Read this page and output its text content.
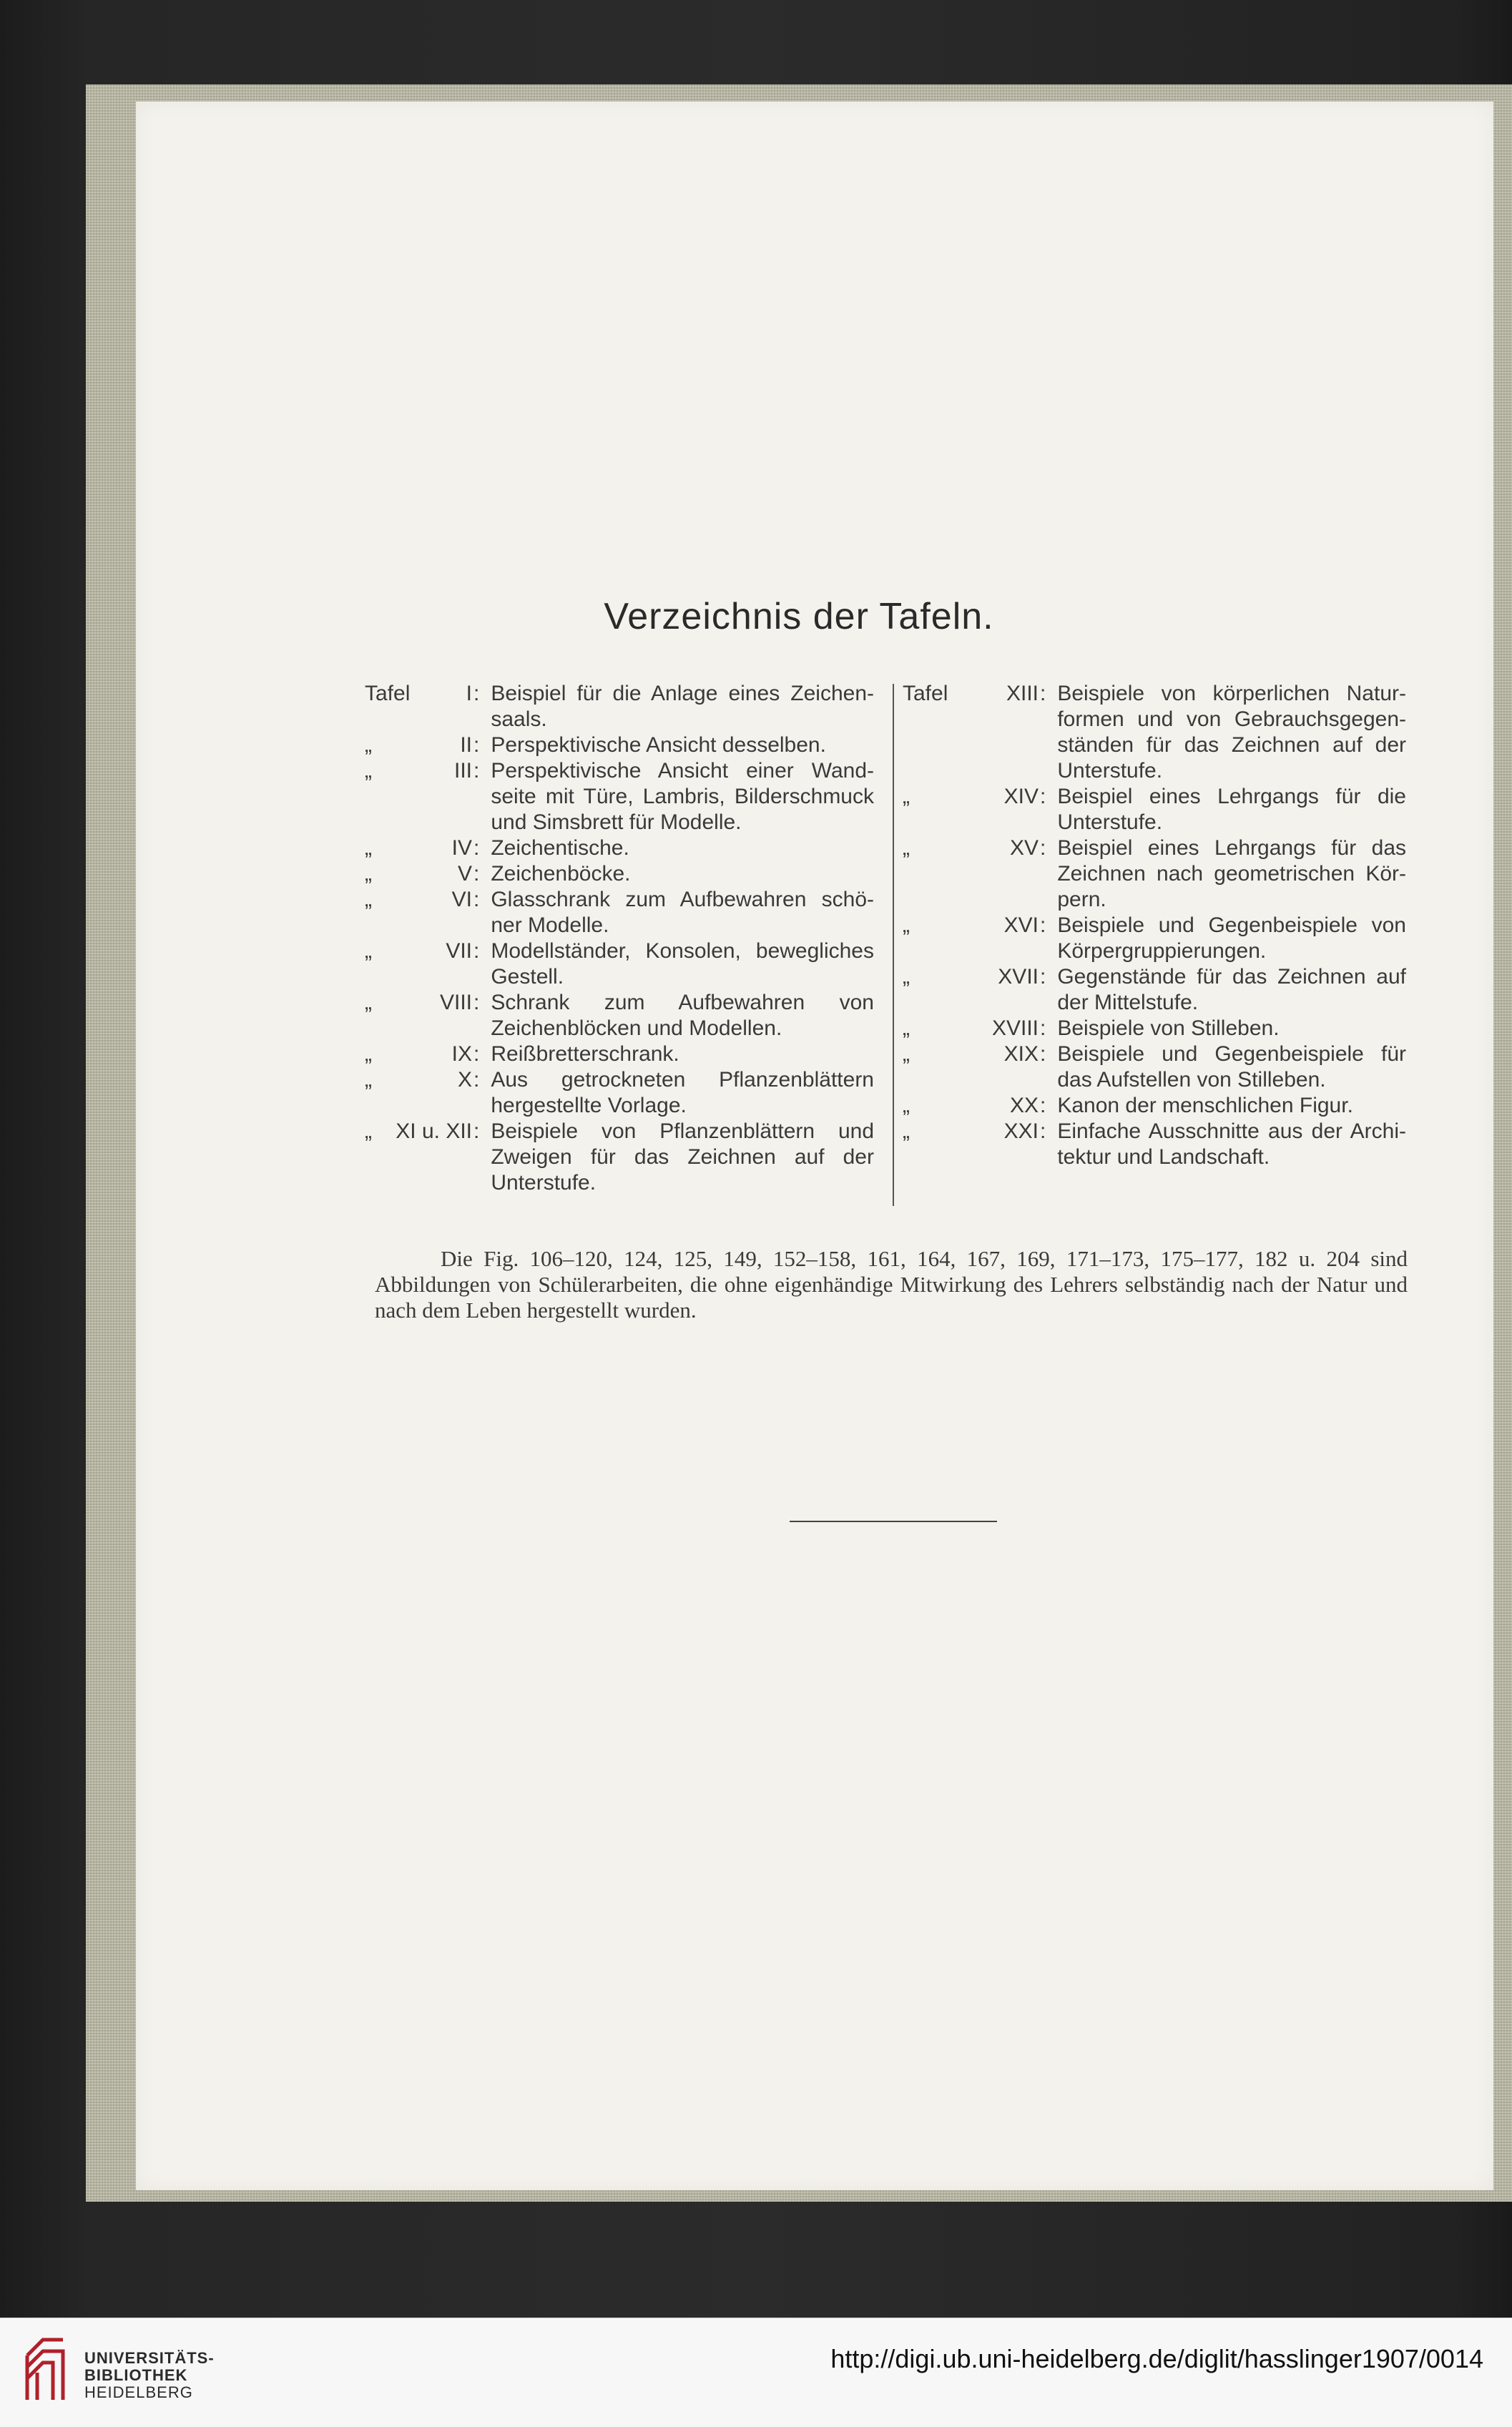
Verzeichnis der Tafeln.
Tafel	I : Beispiel für die Anlage eines Zeichen-saals.
„	II : Perspektivische Ansicht desselben.
„	III : Perspektivische Ansicht einer Wand-seite mit Türe, Lambris, Bilderschmuck und Simsbrett für Modelle.
„	IV : Zeichentische.
„	V : Zeichenböcke.
„	VI : Glasschrank zum Aufbewahren schö-ner Modelle.
„	VII : Modellständer, Konsolen, bewegliches Gestell.
„	VIII : Schrank zum Aufbewahren von Zeichenblöcken und Modellen.
„	IX : Reißbretterschrank.
„	X : Aus getrockneten Pflanzenblättern hergestellte Vorlage.
„ XI u. XII : Beispiele von Pflanzenblättern und Zweigen für das Zeichnen auf der Unterstufe.
Tafel	XIII : Beispiele von körperlichen Natur-formen und von Gebrauchsgegen-ständen für das Zeichnen auf der Unterstufe.
„	XIV : Beispiel eines Lehrgangs für die Unterstufe.
„	XV : Beispiel eines Lehrgangs für das Zeichnen nach geometrischen Kör-pern.
„	XVI : Beispiele und Gegenbeispiele von Körpergruppierungen.
„	XVII : Gegenstände für das Zeichnen auf der Mittelstufe.
„	XVIII : Beispiele von Stilleben.
„	XIX : Beispiele und Gegenbeispiele für das Aufstellen von Stilleben.
„	XX : Kanon der menschlichen Figur.
„	XXI : Einfache Ausschnitte aus der Archi-tektur und Landschaft.

Die Fig. 106–120, 124, 125, 149, 152–158, 161, 164, 167, 169, 171–173, 175–177, 182 u. 204 sind Abbildungen von Schülerarbeiten, die ohne eigenhändige Mitwirkung des Lehrers selbständig nach der Natur und nach dem Leben hergestellt wurden.

UNIVERSITÄTS-
BIBLIOTHEK
HEIDELBERG
http://digi.ub.uni-heidelberg.de/diglit/hasslinger1907/0014
